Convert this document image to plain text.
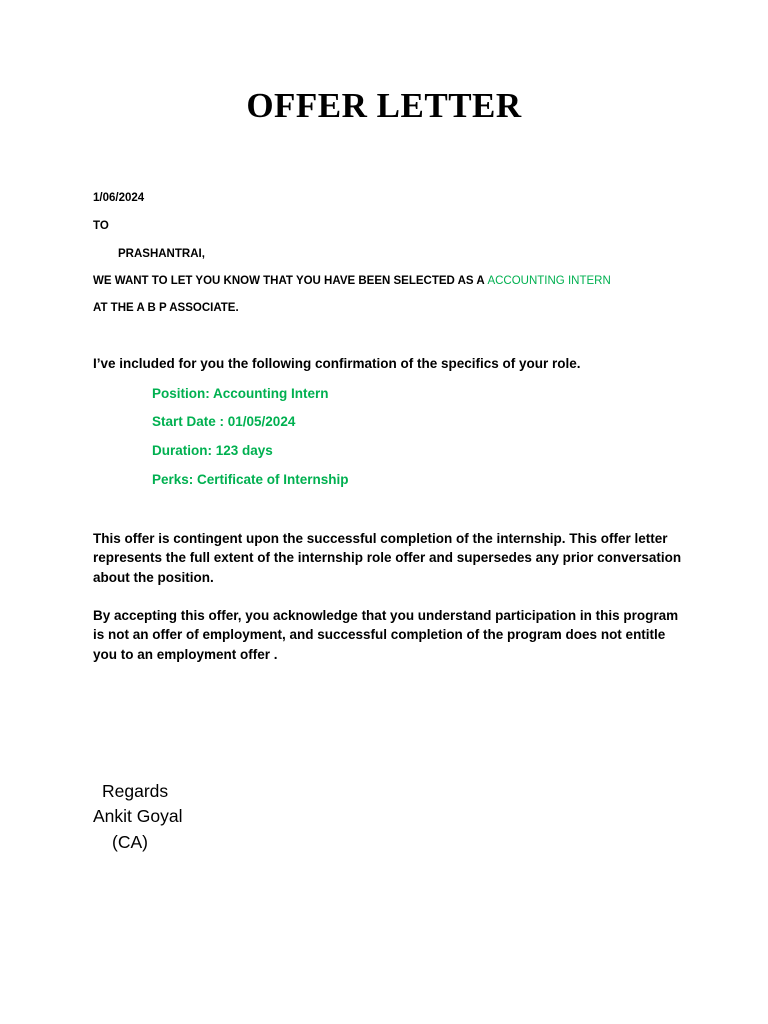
OFFER LETTER
1/06/2024
TO
PRASHANTRAI,
WE WANT TO LET YOU KNOW THAT YOU HAVE BEEN SELECTED AS A ACCOUNTING INTERN
AT THE A B P ASSOCIATE.
I’ve included for you the following confirmation of the specifics of your role.
Position: Accounting Intern
Start Date : 01/05/2024
Duration: 123 days
Perks: Certificate of Internship
This offer is contingent upon the successful completion of the internship. This offer letter represents the full extent of the internship role offer and supersedes any prior conversation about the position.
By accepting this offer, you acknowledge that you understand participation in this program is not an offer of employment, and successful completion of the program does not entitle you to an employment offer .
Regards
Ankit Goyal
(CA)
